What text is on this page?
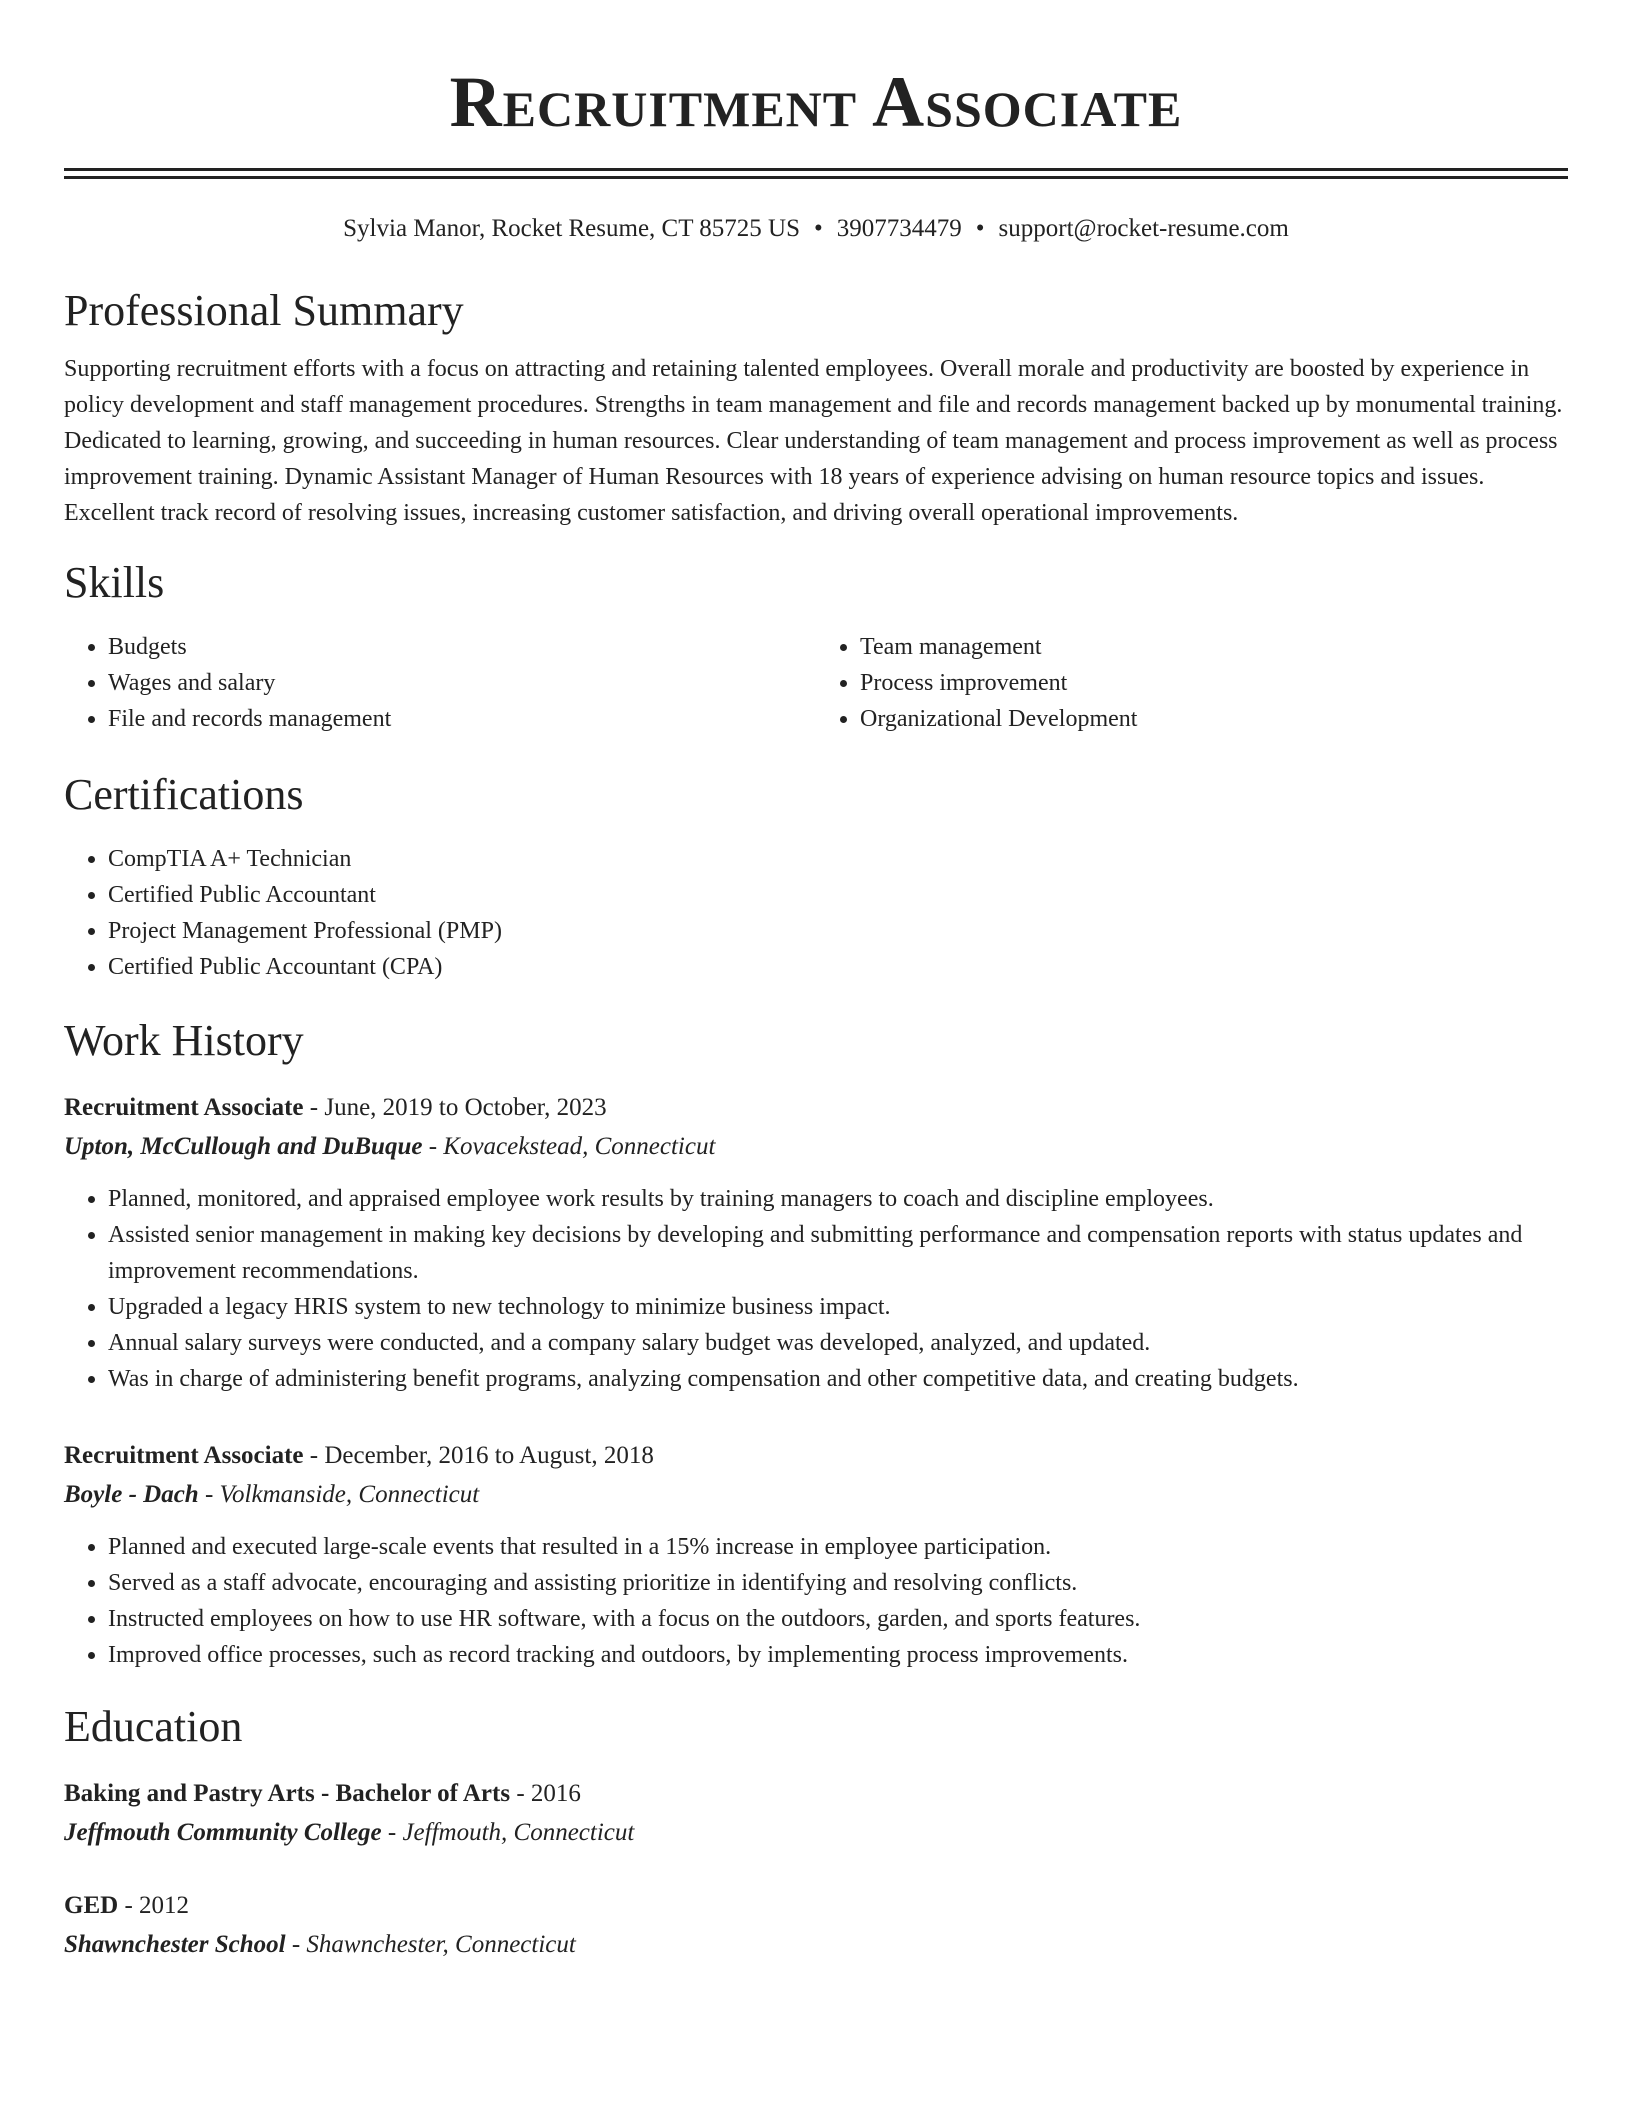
Recruitment Associate
Sylvia Manor, Rocket Resume, CT 85725 US • 3907734479 • support@rocket-resume.com
Professional Summary

Supporting recruitment efforts with a focus on attracting and retaining talented employees. Overall morale and productivity are boosted by experience in policy development and staff management procedures. Strengths in team management and file and records management backed up by monumental training. Dedicated to learning, growing, and succeeding in human resources. Clear understanding of team management and process improvement as well as process improvement training. Dynamic Assistant Manager of Human Resources with 18 years of experience advising on human resource topics and issues. Excellent track record of resolving issues, increasing customer satisfaction, and driving overall operational improvements.

Skills
• Budgets
• Wages and salary
• File and records management
• Team management
• Process improvement
• Organizational Development
Certifications
• CompTIA A+ Technician
• Certified Public Accountant
• Project Management Professional (PMP)
• Certified Public Accountant (CPA)
Work History
Recruitment Associate - June, 2019 to October, 2023
Upton, McCullough and DuBuque - Kovacekstead, Connecticut
• Planned, monitored, and appraised employee work results by training managers to coach and discipline employees.
• Assisted senior management in making key decisions by developing and submitting performance and compensation reports with status updates and improvement recommendations.
• Upgraded a legacy HRIS system to new technology to minimize business impact.
• Annual salary surveys were conducted, and a company salary budget was developed, analyzed, and updated.
• Was in charge of administering benefit programs, analyzing compensation and other competitive data, and creating budgets.
Recruitment Associate - December, 2016 to August, 2018
Boyle - Dach - Volkmanside, Connecticut
• Planned and executed large-scale events that resulted in a 15% increase in employee participation.
• Served as a staff advocate, encouraging and assisting prioritize in identifying and resolving conflicts.
• Instructed employees on how to use HR software, with a focus on the outdoors, garden, and sports features.
• Improved office processes, such as record tracking and outdoors, by implementing process improvements.
Education
Baking and Pastry Arts - Bachelor of Arts - 2016
Jeffmouth Community College - Jeffmouth, Connecticut
GED - 2012
Shawnchester School - Shawnchester, Connecticut
